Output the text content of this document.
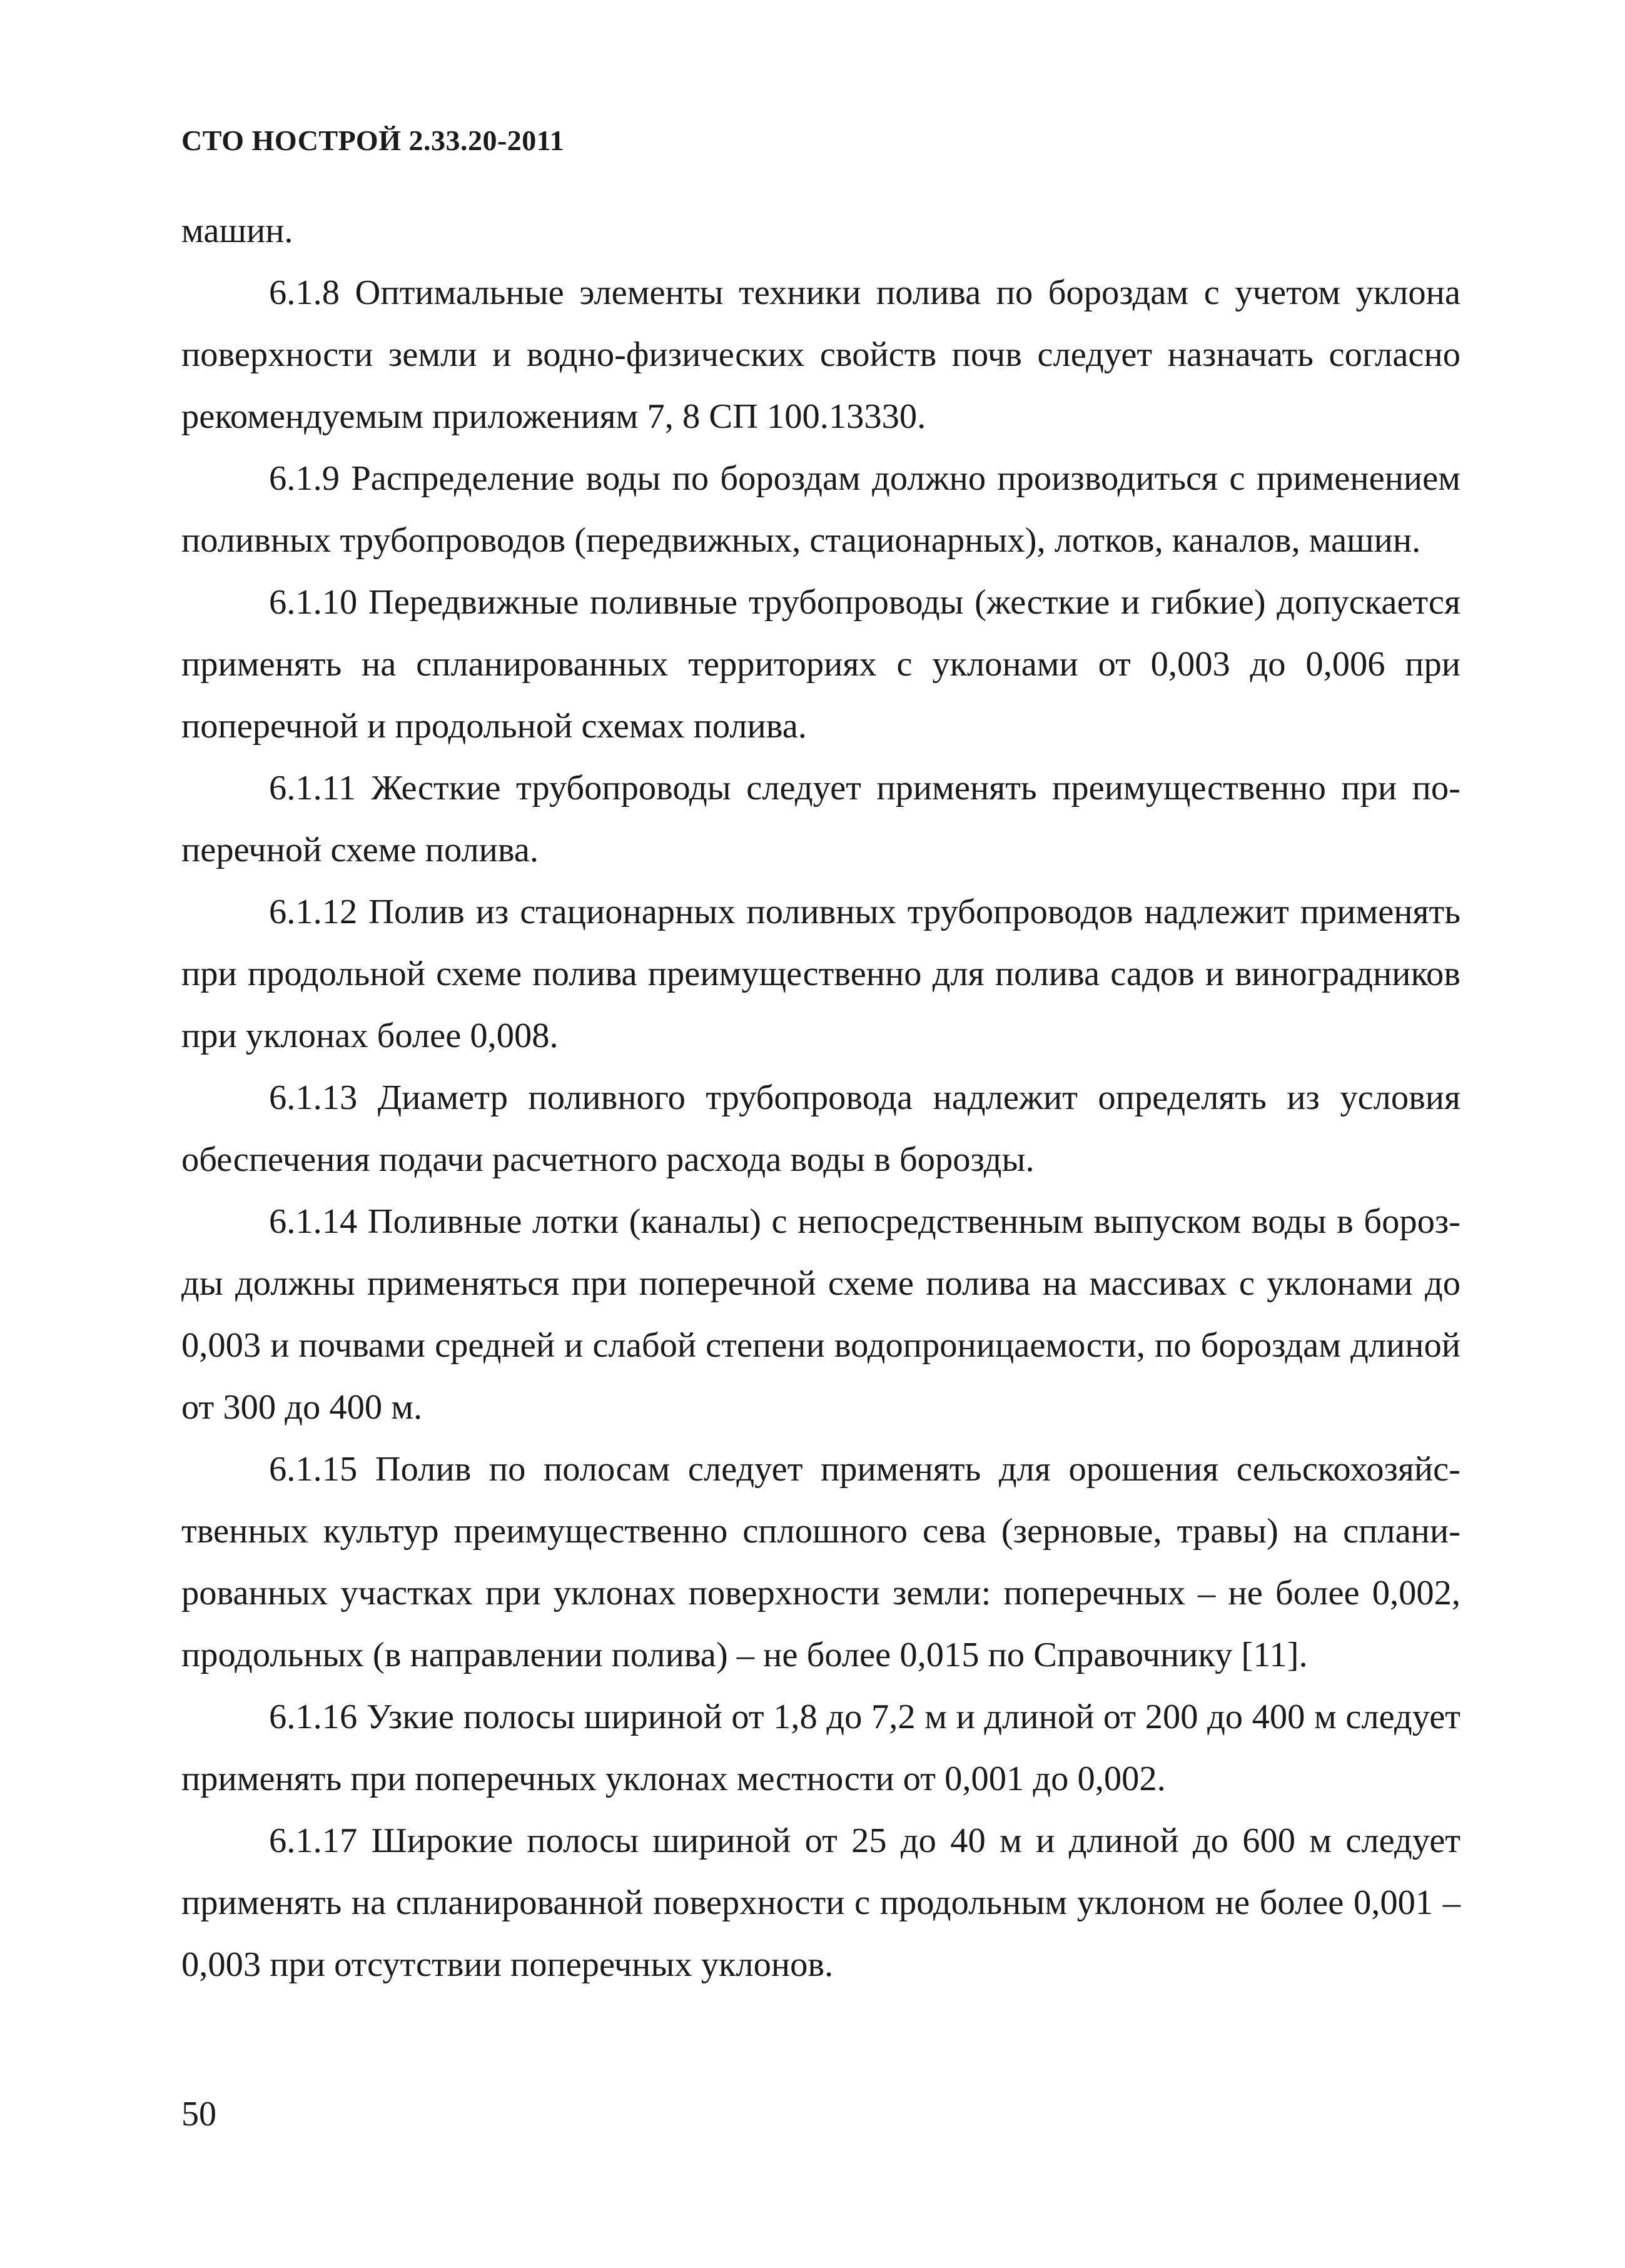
СТО НОСТРОЙ 2.33.20-2011

машин.

6.1.8 Оптимальные элементы техники полива по бороздам с учетом уклона поверхности земли и водно-физических свойств почв следует назначать согласно рекомендуемым приложениям 7, 8 СП 100.13330.

6.1.9 Распределение воды по бороздам должно производиться с применением поливных трубопроводов (передвижных, стационарных), лотков, каналов, машин.

6.1.10 Передвижные поливные трубопроводы (жесткие и гибкие) допускается применять на спланированных территориях с уклонами от 0,003 до 0,006 при поперечной и продольной схемах полива.

6.1.11 Жесткие трубопроводы следует применять преимущественно при поперечной схеме полива.

6.1.12 Полив из стационарных поливных трубопроводов надлежит применять при продольной схеме полива преимущественно для полива садов и виноградников при уклонах более 0,008.

6.1.13 Диаметр поливного трубопровода надлежит определять из условия обеспечения подачи расчетного расхода воды в борозды.

6.1.14 Поливные лотки (каналы) с непосредственным выпуском воды в борозды должны применяться при поперечной схеме полива на массивах с уклонами до 0,003 и почвами средней и слабой степени водопроницаемости, по бороздам длиной от 300 до 400 м.

6.1.15 Полив по полосам следует применять для орошения сельскохозяйственных культур преимущественно сплошного сева (зерновые, травы) на спланированных участках при уклонах поверхности земли: поперечных – не более 0,002, продольных (в направлении полива) – не более 0,015 по Справочнику [11].

6.1.16 Узкие полосы шириной от 1,8 до 7,2 м и длиной от 200 до 400 м следует применять при поперечных уклонах местности от 0,001 до 0,002.

6.1.17 Широкие полосы шириной от 25 до 40 м и длиной до 600 м следует применять на спланированной поверхности с продольным уклоном не более 0,001 – 0,003 при отсутствии поперечных уклонов.

50
